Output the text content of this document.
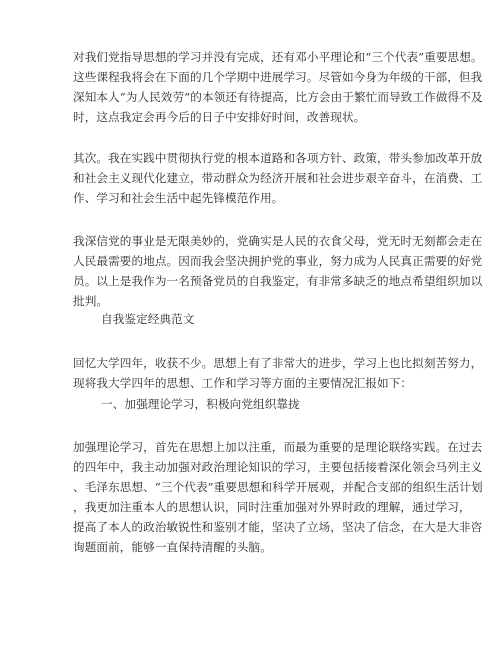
对我们党指导思想的学习并没有完成，还有邓小平理论和“三个代表”重要思想。
这些课程我将会在下面的几个学期中进展学习。尽管如今身为年级的干部，但我
深知本人“为人民效劳”的本领还有待提高，比方会由于繁忙而导致工作做得不及
时，这点我定会再今后的日子中安排好时间，改善现状。

其次。我在实践中贯彻执行党的根本道路和各项方针、政策，带头参加改革开放
和社会主义现代化建立，带动群众为经济开展和社会进步艰辛奋斗，在消费、工
作、学习和社会生活中起先锋模范作用。

我深信党的事业是无限美妙的，党确实是人民的衣食父母，党无时无刻都会走在
人民最需要的地点。因而我会坚决拥护党的事业，努力成为人民真正需要的好党
员。以上是我作为一名预备党员的自我鉴定，有非常多缺乏的地点希望组织加以
批判。

自我鉴定经典范文

回忆大学四年，收获不少。思想上有了非常大的进步，学习上也比拟刻苦努力，
现将我大学四年的思想、工作和学习等方面的主要情况汇报如下：

一、加强理论学习，积极向党组织靠拢

加强理论学习，首先在思想上加以注重，而最为重要的是理论联络实践。在过去
的四年中，我主动加强对政治理论知识的学习，主要包括接着深化领会马列主义
、毛泽东思想、“三个代表”重要思想和科学开展观，并配合支部的组织生活计划
，我更加注重本人的思想认识，同时注重加强对外界时政的理解，通过学习，
提高了本人的政治敏锐性和鉴别才能，坚决了立场，坚决了信念，在大是大非咨
询题面前，能够一直保持清醒的头脑。
